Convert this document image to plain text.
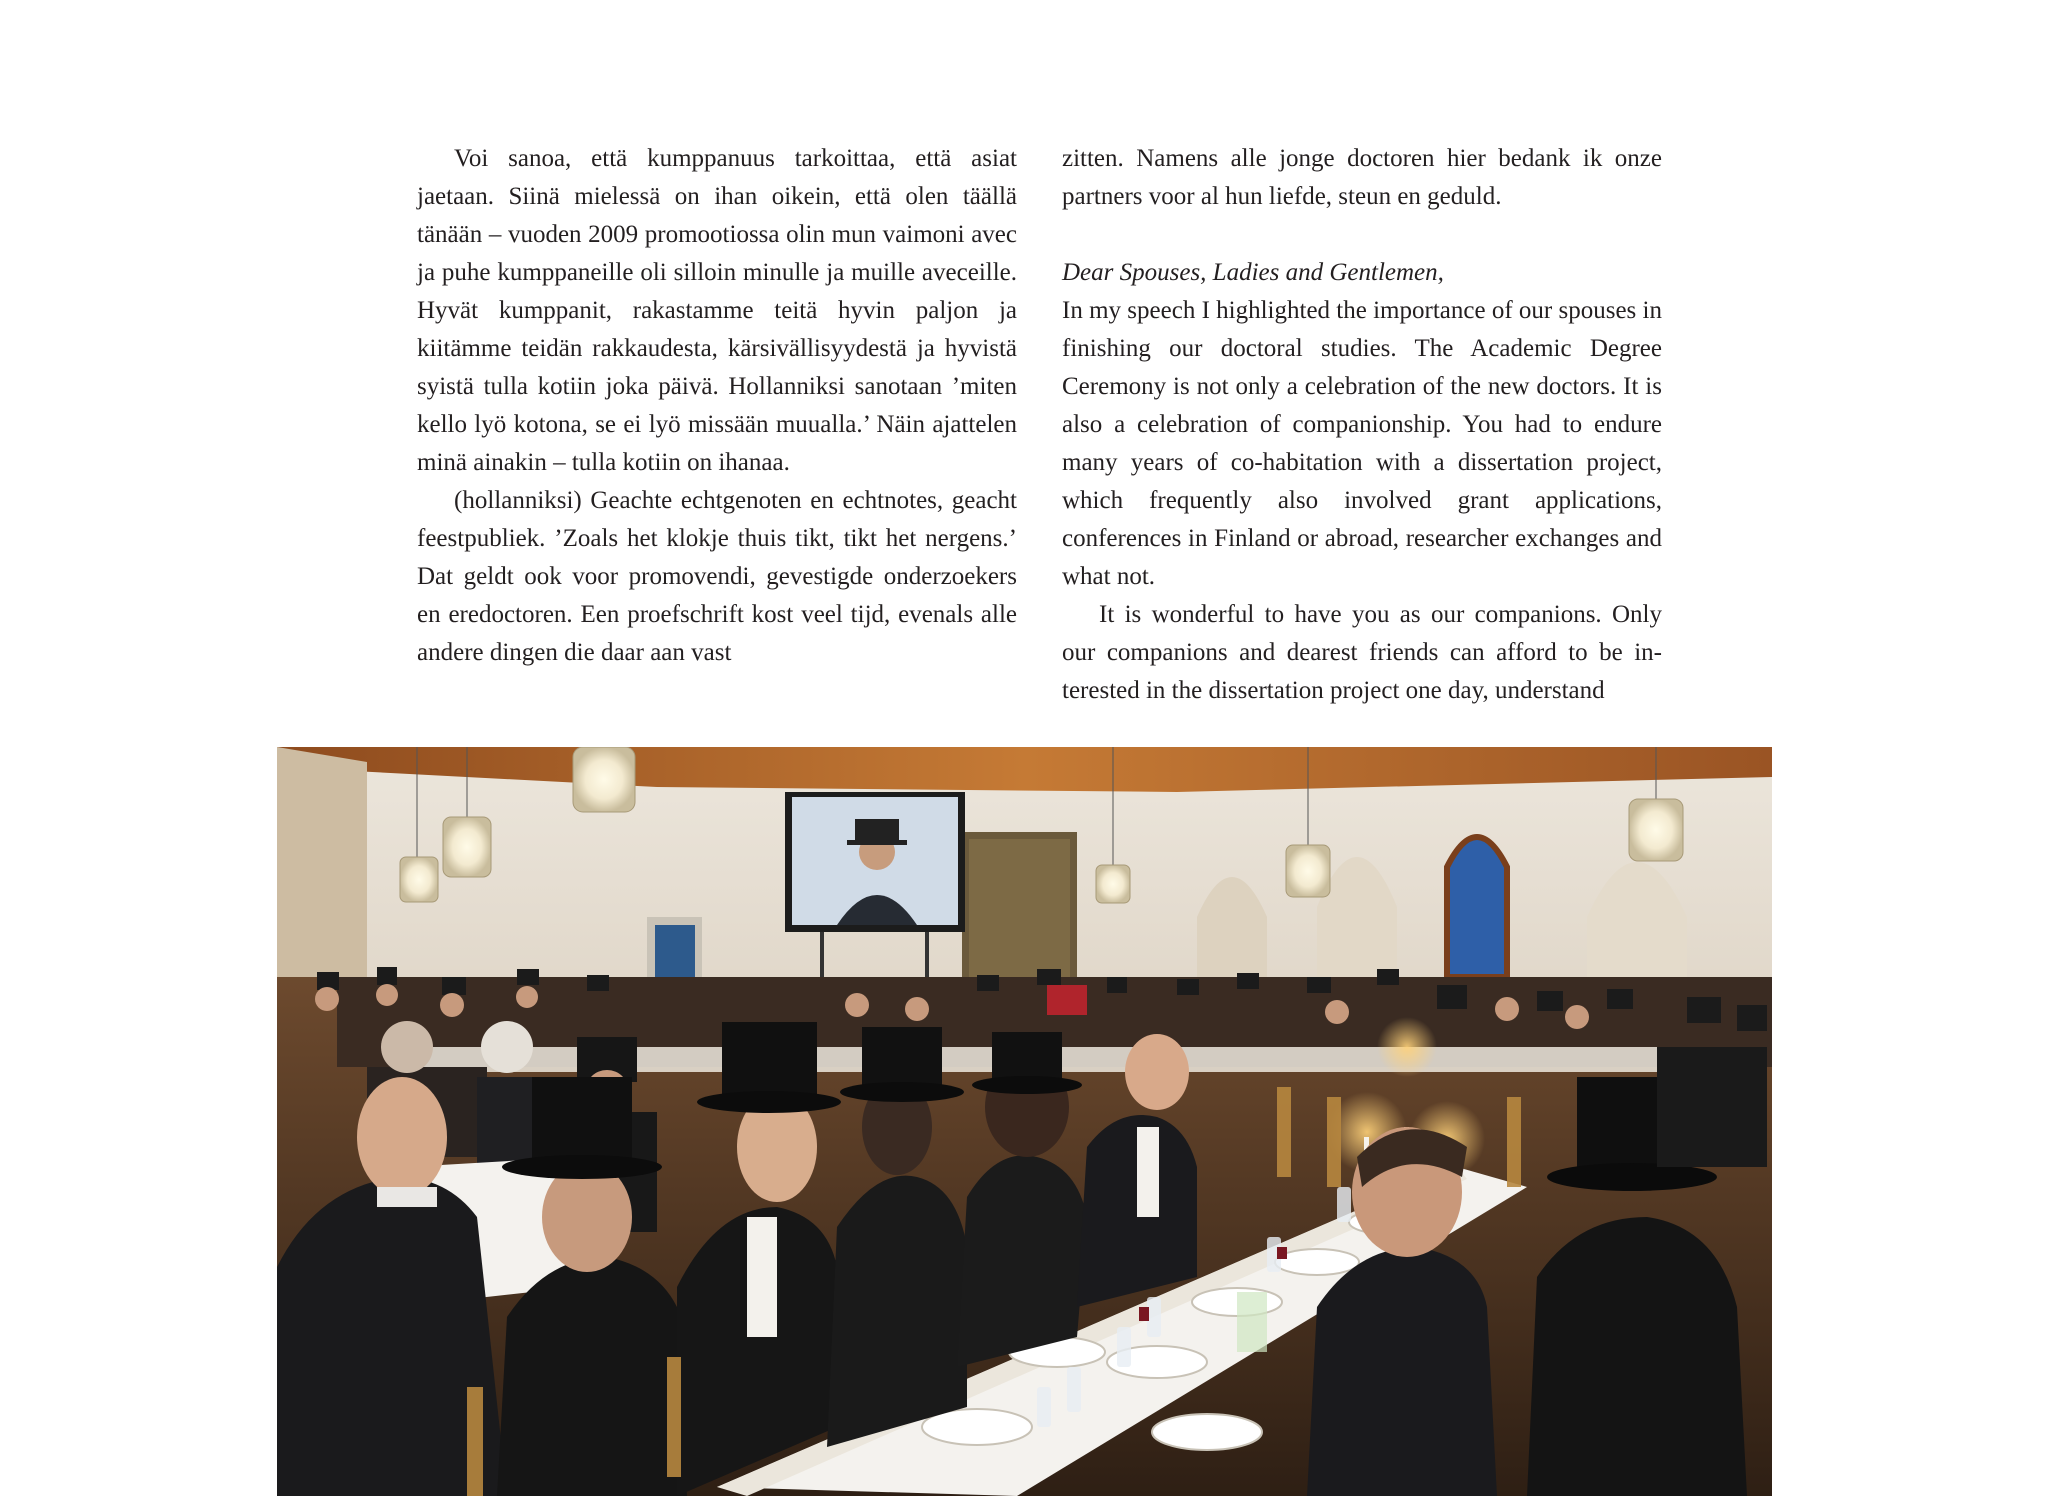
Voi sanoa, että kumppanuus tarkoittaa, että asiat jaetaan. Siinä mielessä on ihan oikein, että olen täällä tänään – vuoden 2009 promootiossa olin mun vaimoni avec ja puhe kumppaneille oli silloin minulle ja muille aveceille. Hyvät kumppanit, rakastamme teitä hyvin paljon ja kiitämme teidän rakkaudesta, kärsivällisyydestä ja hyvistä syistä tulla kotiin joka päivä. Hollanniksi sanotaan ’miten kello lyö kotona, se ei lyö missään muualla.’ Näin ajattelen minä ainakin – tulla kotiin on ihanaa.

(hollanniksi) Geachte echtgenoten en echtnotes, geacht feestpubliek. ’Zoals het klokje thuis tikt, tikt het nergens.’ Dat geldt ook voor promovendi, gevestigde onderzoekers en eredoctoren. Een proefschrift kost veel tijd, evenals alle andere dingen die daar aan vast

zitten. Namens alle jonge doctoren hier bedank ik onze partners voor al hun liefde, steun en geduld.

Dear Spouses, Ladies and Gentlemen,

In my speech I highlighted the importance of our spouses in finishing our doctoral studies. The Academic Degree Ceremony is not only a celebration of the new doctors. It is also a celebration of companionship. You had to endure many years of co-habitation with a dissertation project, which frequently also involved grant applications, conferences in Finland or abroad, researcher exchanges and what not.

It is wonderful to have you as our companions. Only our companions and dearest friends can afford to be interested in the dissertation project one day, understand
